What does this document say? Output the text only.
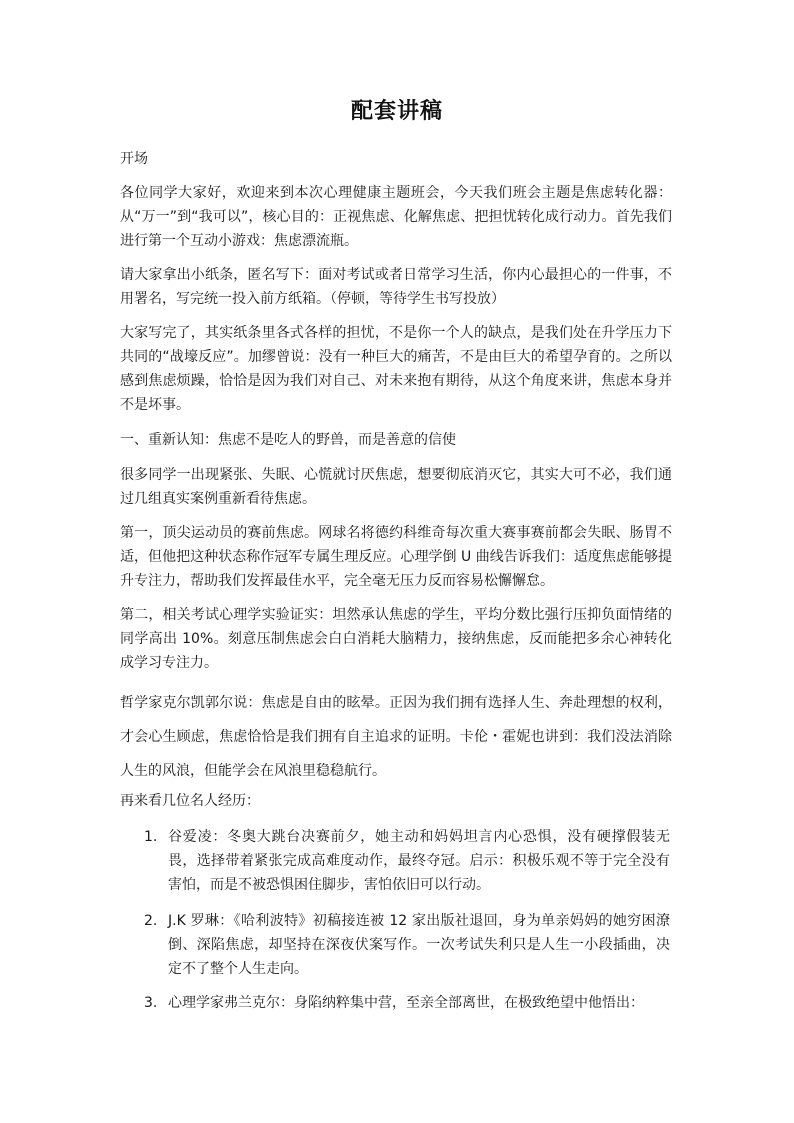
配套讲稿

开场

各位同学大家好，欢迎来到本次心理健康主题班会，今天我们班会主题是焦虑转化器：从“万一”到“我可以”，核心目的：正视焦虑、化解焦虑、把担忧转化成行动力。首先我们进行第一个互动小游戏：焦虑漂流瓶。

请大家拿出小纸条，匿名写下：面对考试或者日常学习生活，你内心最担心的一件事，不用署名，写完统一投入前方纸箱。（停顿，等待学生书写投放）

大家写完了，其实纸条里各式各样的担忧，不是你一个人的缺点，是我们处在升学压力下共同的“战壕反应”。加缪曾说：没有一种巨大的痛苦，不是由巨大的希望孕育的。之所以感到焦虑烦躁，恰恰是因为我们对自己、对未来抱有期待，从这个角度来讲，焦虑本身并不是坏事。

一、重新认知：焦虑不是吃人的野兽，而是善意的信使

很多同学一出现紧张、失眠、心慌就讨厌焦虑，想要彻底消灭它，其实大可不必，我们通过几组真实案例重新看待焦虑。

第一，顶尖运动员的赛前焦虑。网球名将德约科维奇每次重大赛事赛前都会失眠、肠胃不适，但他把这种状态称作冠军专属生理反应。心理学倒 U 曲线告诉我们：适度焦虑能够提升专注力，帮助我们发挥最佳水平，完全毫无压力反而容易松懈懈怠。

第二，相关考试心理学实验证实：坦然承认焦虑的学生，平均分数比强行压抑负面情绪的同学高出 10%。刻意压制焦虑会白白消耗大脑精力，接纳焦虑，反而能把多余心神转化成学习专注力。

哲学家克尔凯郭尔说：焦虑是自由的眩晕。正因为我们拥有选择人生、奔赴理想的权利，才会心生顾虑，焦虑恰恰是我们拥有自主追求的证明。卡伦・霍妮也讲到：我们没法消除人生的风浪，但能学会在风浪里稳稳航行。

再来看几位名人经历：

1. 谷爱凌：冬奥大跳台决赛前夕，她主动和妈妈坦言内心恐惧，没有硬撑假装无畏，选择带着紧张完成高难度动作，最终夺冠。启示：积极乐观不等于完全没有害怕，而是不被恐惧困住脚步，害怕依旧可以行动。
2. J.K 罗琳：《哈利波特》初稿接连被 12 家出版社退回，身为单亲妈妈的她穷困潦倒、深陷焦虑，却坚持在深夜伏案写作。一次考试失利只是人生一小段插曲，决定不了整个人生走向。
3. 心理学家弗兰克尔：身陷纳粹集中营，至亲全部离世，在极致绝望中他悟出：
